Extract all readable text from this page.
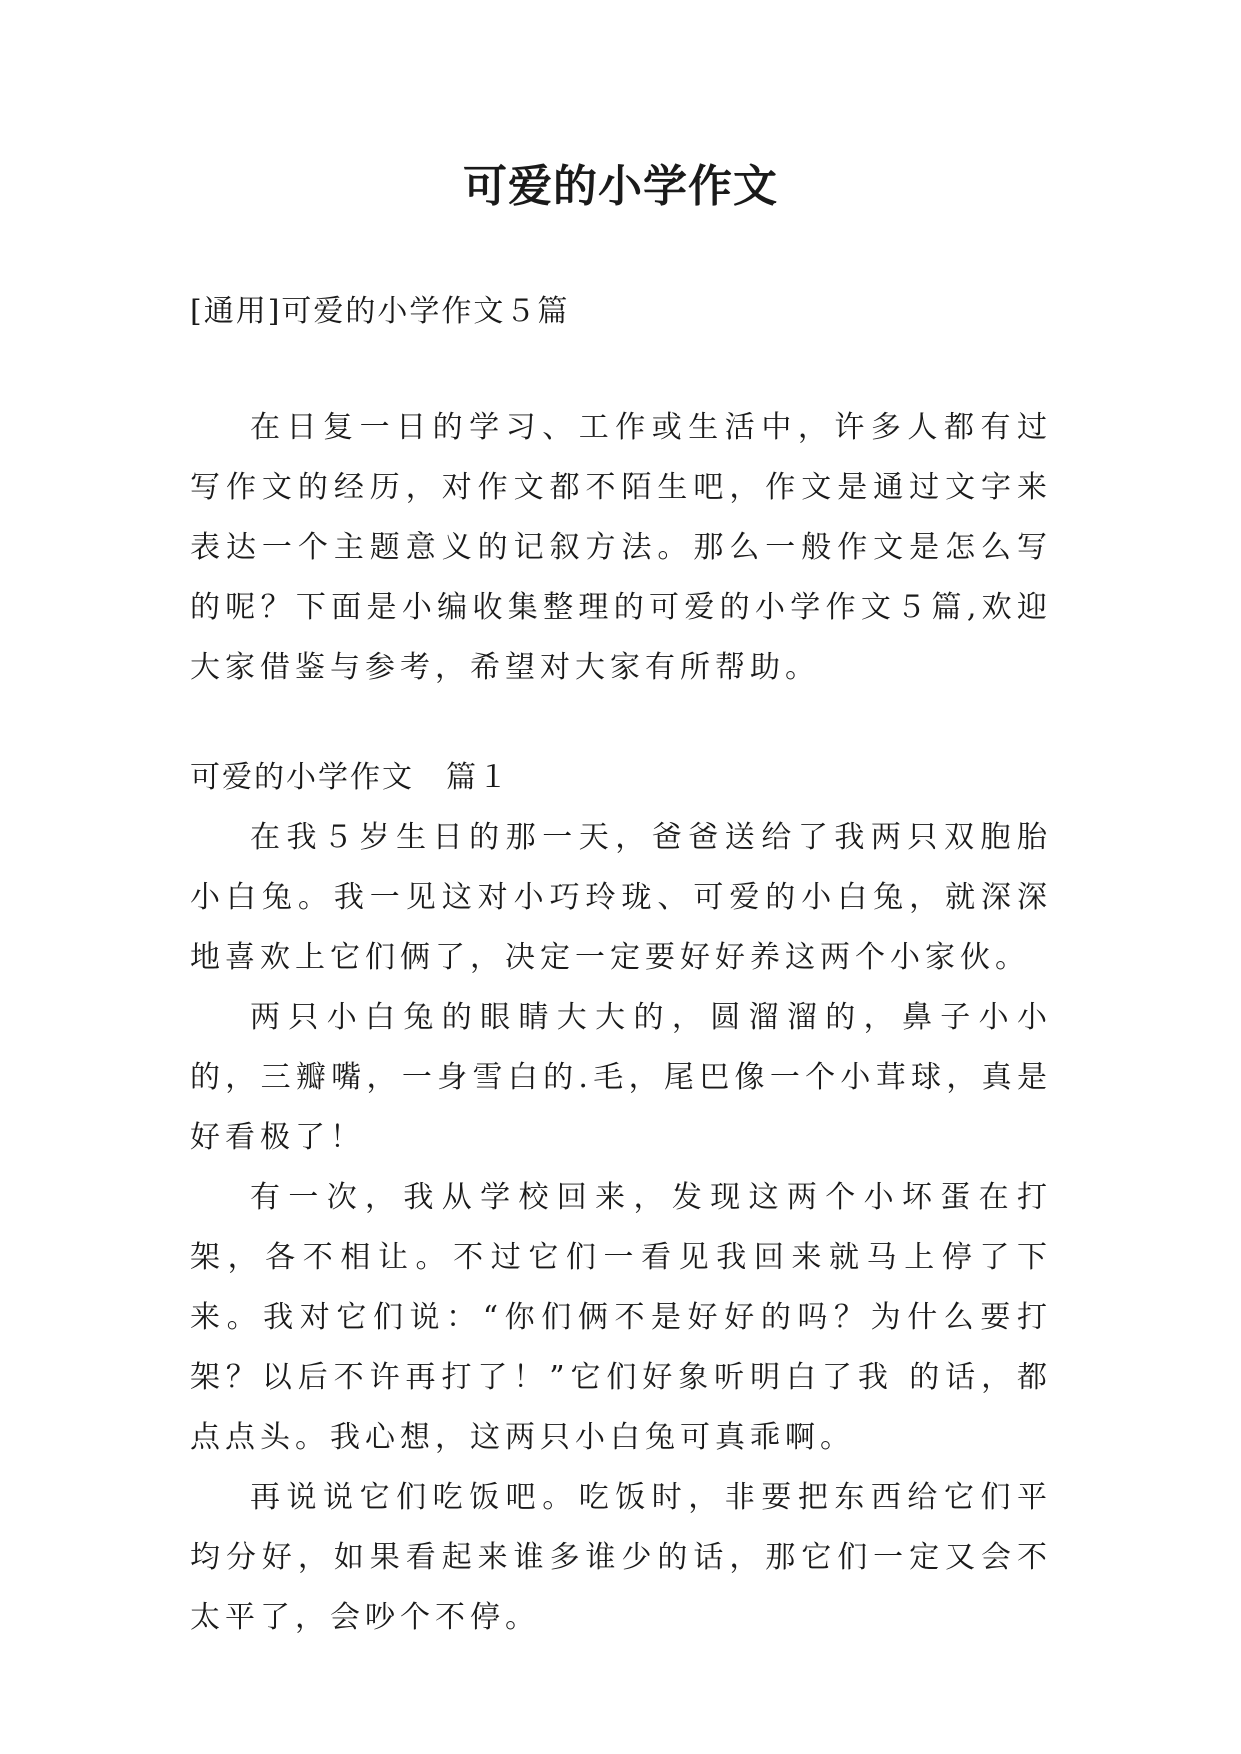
可爱的小学作文

[通用]可爱的小学作文５篇

在日复一日的学习、工作或生活中，许多人都有过写作文的经历，对作文都不陌生吧，作文是通过文字来表达一个主题意义的记叙方法。那么一般作文是怎么写的呢？下面是小编收集整理的可爱的小学作文５篇,欢迎大家借鉴与参考，希望对大家有所帮助。

可爱的小学作文　篇１

在我５岁生日的那一天，爸爸送给了我两只双胞胎小白兔。我一见这对小巧玲珑、可爱的小白兔，就深深地喜欢上它们俩了，决定一定要好好养这两个小家伙。

两只小白兔的眼睛大大的，圆溜溜的，鼻子小小的，三瓣嘴，一身雪白的.毛，尾巴像一个小茸球，真是好看极了！

有一次，我从学校回来，发现这两个小坏蛋在打架，各不相让。不过它们一看见我回来就马上停了下来。我对它们说：“你们俩不是好好的吗？为什么要打架？以后不许再打了！”它们好象听明白了我 的话，都点点头。我心想，这两只小白兔可真乖啊。

再说说它们吃饭吧。吃饭时，非要把东西给它们平均分好，如果看起来谁多谁少的话，那它们一定又会不太平了，会吵个不停。
